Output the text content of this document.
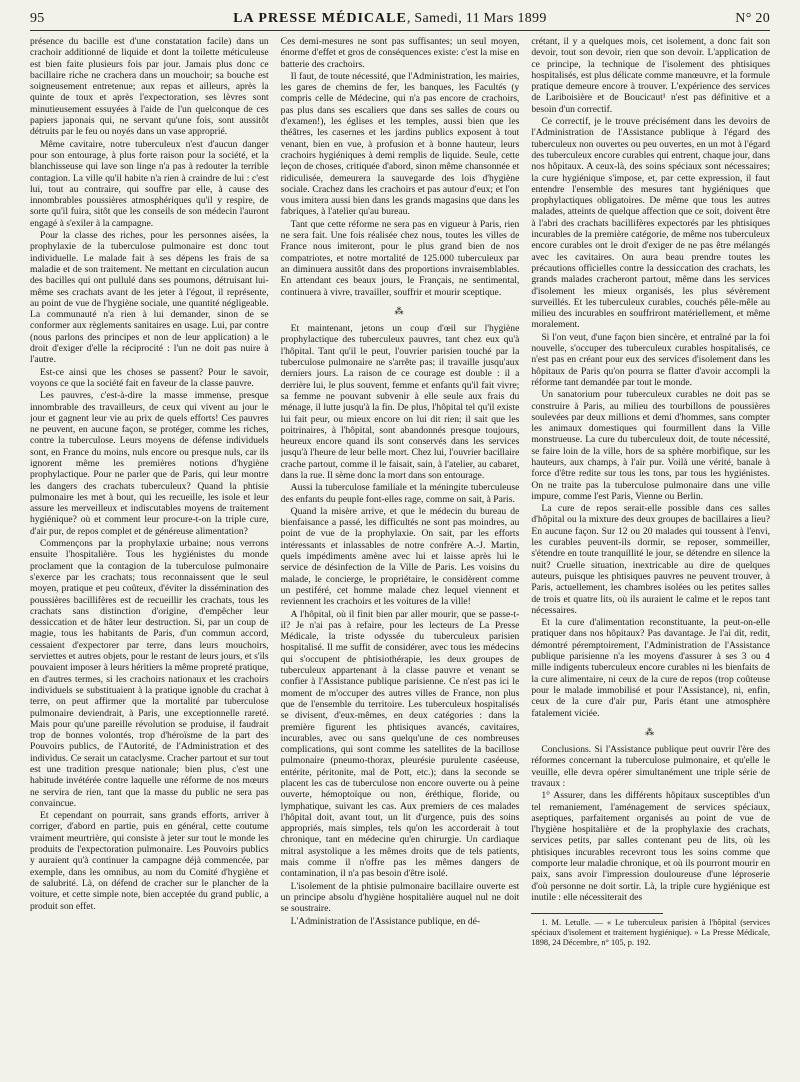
95	LA PRESSE MÉDICALE, Samedi, 11 Mars 1899	N° 20

présence du bacille est d'une constatation facile) dans un crachoir additionné de liquide et dont la toilette méticuleuse est bien faite plusieurs fois par jour. Jamais plus donc ce bacillaire riche ne crachera dans un mouchoir; sa bouche est soigneusement entretenue; aux repas et ailleurs, après la quinte de toux et après l'expectoration, ses lèvres sont minutieusement essuyées à l'aide de l'un quelconque de ces papiers japonais qui, ne servant qu'une fois, sont aussitôt détruits par le feu ou noyés dans un vase approprié.

Même cavitaire, notre tuberculeux n'est d'aucun danger pour son entourage, à plus forte raison pour la société, et la blanchisseuse qui lave son linge n'a pas à redouter la terrible contagion. La ville qu'il habite n'a rien à craindre de lui : c'est lui, tout au contraire, qui souffre par elle, à cause des innombrables poussières atmosphériques qu'il y respire, de sorte qu'il fuira, sitôt que les conseils de son médecin l'auront engagé à s'exiler à la campagne.

Pour la classe des riches, pour les personnes aisées, la prophylaxie de la tuberculose pulmonaire est donc tout individuelle. Le malade fait à ses dépens les frais de sa maladie et de son traitement. Ne mettant en circulation aucun des bacilles qui ont pullulé dans ses poumons, détruisant lui-même ses crachats avant de les jeter à l'égout, il représente, au point de vue de l'hygiène sociale, une quantité négligeable. La communauté n'a rien à lui demander, sinon de se conformer aux règlements sanitaires en usage. Lui, par contre (nous parlons des principes et non de leur application) a le droit d'exiger d'elle la réciprocité : l'un ne doit pas nuire à l'autre.

Est-ce ainsi que les choses se passent? Pour le savoir, voyons ce que la société fait en faveur de la classe pauvre.

Les pauvres, c'est-à-dire la masse immense, presque innombrable des travailleurs, de ceux qui vivent au jour le jour et gagnent leur vie au prix de quels efforts! Ces pauvres ne peuvent, en aucune façon, se protéger, comme les riches, contre la tuberculose. Leurs moyens de défense individuels sont, en France du moins, nuls encore ou presque nuls, car ils ignorent même les premières notions d'hygiène prophylactique. Pour ne parler que de Paris, qui leur montre les dangers des crachats tuberculeux? Quand la phtisie pulmonaire les met à bout, qui les recueille, les isole et leur assure les merveilleux et indiscutables moyens de traitement hygiénique? où et comment leur procure-t-on la triple cure, d'air pur, de repos complet et de généreuse alimentation?

Commençons par la prophylaxie urbaine; nous verrons ensuite l'hospitalière. Tous les hygiénistes du monde proclament que la contagion de la tuberculose pulmonaire s'exerce par les crachats; tous reconnaissent que le seul moyen, pratique et peu coûteux, d'éviter la dissémination des poussières bacillifères est de recueillir les crachats, tous les crachats sans distinction d'origine, d'empêcher leur dessiccation et de hâter leur destruction. Si, par un coup de magie, tous les habitants de Paris, d'un commun accord, cessaient d'expectorer par terre, dans leurs mouchoirs, serviettes et autres objets, pour le restant de leurs jours, et s'ils pouvaient imposer à leurs héritiers la même propreté pratique, en d'autres termes, si les crachoirs nationaux et les crachoirs individuels se substituaient à la pratique ignoble du crachat à terre, on peut affirmer que la mortalité par tuberculose pulmonaire deviendrait, à Paris, une exceptionnelle rareté. Mais pour qu'une pareille révolution se produise, il faudrait trop de bonnes volontés, trop d'héroïsme de la part des Pouvoirs publics, de l'Autorité, de l'Administration et des individus. Ce serait un cataclysme. Cracher partout et sur tout est une tradition presque nationale; bien plus, c'est une habitude invétérée contre laquelle une réforme de nos mœurs ne servira de rien, tant que la masse du public ne sera pas convaincue.

Et cependant on pourrait, sans grands efforts, arriver à corriger, d'abord en partie, puis en général, cette coutume vraiment meurtrière, qui consiste à jeter sur tout le monde les produits de l'expectoration pulmonaire. Les Pouvoirs publics y auraient qu'à continuer la campagne déjà commencée, par exemple, dans les omnibus, au nom du Comité d'hygiène et de salubrité. Là, on défend de cracher sur le plancher de la voiture, et cette simple note, bien acceptée du grand public, a produit son effet.

Ces demi-mesures ne sont pas suffisantes; un seul moyen, énorme d'effet et gros de conséquences existe: c'est la mise en batterie des crachoirs.

Il faut, de toute nécessité, que l'Administration, les mairies, les gares de chemins de fer, les banques, les Facultés (y compris celle de Médecine, qui n'a pas encore de crachoirs, pas plus dans ses escaliers que dans ses salles de cours ou d'examen!), les églises et les temples, aussi bien que les théâtres, les casernes et les jardins publics exposent à tout venant, bien en vue, à profusion et à bonne hauteur, leurs crachoirs hygiéniques à demi remplis de liquide. Seule, cette leçon de choses, critiquée d'abord, sinon même chansonnée et ridiculisée, demeurera la sauvegarde des lois d'hygiène sociale. Crachez dans les crachoirs et pas autour d'eux; et l'on vous imitera aussi bien dans les grands magasins que dans les fabriques, à l'atelier qu'au bureau.

Tant que cette réforme ne sera pas en vigueur à Paris, rien ne sera fait. Une fois réalisée chez nous, toutes les villes de France nous imiteront, pour le plus grand bien de nos compatriotes, et notre mortalité de 125.000 tuberculeux par an diminuera aussitôt dans des proportions invraisemblables. En attendant ces beaux jours, le Français, ne sentimental, continuera à vivre, travailler, souffrir et mourir sceptique.

⁂

Et maintenant, jetons un coup d'œil sur l'hygiène prophylactique des tuberculeux pauvres, tant chez eux qu'à l'hôpital. Tant qu'il le peut, l'ouvrier parisien touché par la tuberculose pulmonaire ne s'arrête pas; il travaille jusqu'aux derniers jours. La raison de ce courage est double : il a derrière lui, le plus souvent, femme et enfants qu'il fait vivre; sa femme ne pouvant subvenir à elle seule aux frais du ménage, il lutte jusqu'à la fin. De plus, l'hôpital tel qu'il existe lui fait peur, ou mieux encore on lui dit rien; il sait que les poitrinaires, à l'hôpital, sont abandonnés presque toujours, heureux encore quand ils sont conservés dans les services jusqu'à l'heure de leur belle mort. Chez lui, l'ouvrier bacillaire crache partout, comme il le faisait, sain, à l'atelier, au cabaret, dans la rue. Il sème donc la mort dans son entourage.

Aussi la tuberculose familiale et la méningite tuberculeuse des enfants du peuple font-elles rage, comme on sait, à Paris.

Quand la misère arrive, et que le médecin du bureau de bienfaisance a passé, les difficultés ne sont pas moindres, au point de vue de la prophylaxie. On sait, par les efforts intéressants et inlassables de notre confrère A.-J. Martin, quels impédiments amène avec lui et laisse après lui le service de désinfection de la Ville de Paris. Les voisins du malade, le concierge, le propriétaire, le considèrent comme un pestiféré, cet homme malade chez lequel viennent et reviennent les crachoirs et les voitures de la ville!

A l'hôpital, où il finit bien par aller mourir, que se passe-t-il? Je n'ai pas à refaire, pour les lecteurs de La Presse Médicale, la triste odyssée du tuberculeux parisien hospitalisé. Il me suffit de considérer, avec tous les médecins qui s'occupent de phtisiothérapie, les deux groupes de tuberculeux appartenant à la classe pauvre et venant se confier à l'Assistance publique parisienne. Ce n'est pas ici le moment de m'occuper des autres villes de France, non plus que de l'ensemble du territoire. Les tuberculeux hospitalisés se divisent, d'eux-mêmes, en deux catégories : dans la première figurent les phtisiques avancés, cavitaires, incurables, avec ou sans quelqu'une de ces nombreuses complications, qui sont comme les satellites de la bacillose pulmonaire (pneumo-thorax, pleurésie purulente caséeuse, entérite, péritonite, mal de Pott, etc.); dans la seconde se placent les cas de tuberculose non encore ouverte ou à peine ouverte, hémoptoïque ou non, éréthique, floride, ou lymphatique, suivant les cas. Aux premiers de ces malades l'hôpital doit, avant tout, un lit d'urgence, puis des soins appropriés, mais simples, tels qu'on les accorderait à tout chronique, tant en médecine qu'en chirurgie. Un cardiaque mitral asystolique a les mêmes droits que de tels patients, mais comme il n'offre pas les mêmes dangers de contamination, il n'a pas besoin d'être isolé.

L'isolement de la phtisie pulmonaire bacillaire ouverte est un principe absolu d'hygiène hospitalière auquel nul ne doit se soustraire.

L'Administration de l'Assistance publique, en dé-

crétant, il y a quelques mois, cet isolement, a donc fait son devoir, tout son devoir, rien que son devoir. L'application de ce principe, la technique de l'isolement des phtisiques hospitalisés, est plus délicate comme manœuvre, et la formule pratique demeure encore à trouver. L'expérience des services de Lariboisière et de Boucicaut¹ n'est pas définitive et a besoin d'un correctif.

Ce correctif, je le trouve précisément dans les devoirs de l'Administration de l'Assistance publique à l'égard des tuberculeux non ouvertes ou peu ouvertes, en un mot à l'égard des tuberculeux encore curables qui entrent, chaque jour, dans nos hôpitaux. A ceux-là, des soins spéciaux sont nécessaires; la cure hygiénique s'impose, et, par cette expression, il faut entendre l'ensemble des mesures tant hygiéniques que prophylactiques obligatoires. De même que tous les autres malades, atteints de quelque affection que ce soit, doivent être à l'abri des crachats bacillifères expectorés par les phtisiques incurables de la première catégorie, de même nos tuberculeux encore curables ont le droit d'exiger de ne pas être mélangés avec les cavitaires. On aura beau prendre toutes les précautions officielles contre la dessiccation des crachats, les grands malades cracheront partout, même dans les services d'isolement les mieux organisés, les plus sévèrement surveillés. Et les tuberculeux curables, couchés pêle-mêle au milieu des incurables en souffriront matériellement, et même moralement.

Si l'on veut, d'une façon bien sincère, et entraîné par la foi nouvelle, s'occuper des tuberculeux curables hospitalisés, ce n'est pas en créant pour eux des services d'isolement dans les hôpitaux de Paris qu'on pourra se flatter d'avoir accompli la réforme tant demandée par tout le monde.

Un sanatorium pour tuberculeux curables ne doit pas se construire à Paris, au milieu des tourbillons de poussières soulevées par deux millions et demi d'hommes, sans compter les animaux domestiques qui fourmillent dans la Ville monstrueuse. La cure du tuberculeux doit, de toute nécessité, se faire loin de la ville, hors de sa sphère morbifique, sur les hauteurs, aux champs, à l'air pur. Voilà une vérité, banale à force d'être redite sur tous les tons, par tous les hygiénistes. On ne traite pas la tuberculose pulmonaire dans une ville impure, comme l'est Paris, Vienne ou Berlin.

La cure de repos serait-elle possible dans ces salles d'hôpital ou la mixture des deux groupes de bacillaires a lieu? En aucune façon. Sur 12 ou 20 malades qui toussent à l'envi, les curables peuvent-ils dormir, se reposer, sommeiller, s'étendre en toute tranquillité le jour, se détendre en silence la nuit? Cruelle situation, inextricable au dire de quelques auteurs, puisque les phtisiques pauvres ne peuvent trouver, à Paris, actuellement, les chambres isolées ou les petites salles de trois et quatre lits, où ils auraient le calme et le repos tant nécessaires.

Et la cure d'alimentation reconstituante, la peut-on-elle pratiquer dans nos hôpitaux? Pas davantage. Je l'ai dit, redit, démontré péremptoirement, l'Administration de l'Assistance publique parisienne n'a les moyens d'assurer à ses 3 ou 4 mille indigents tuberculeux encore curables ni les bienfaits de la cure alimentaire, ni ceux de la cure de repos (trop coûteuse pour le malade immobilisé et pour l'Assistance), ni, enfin, ceux de la cure d'air pur, Paris étant une atmosphère fatalement viciée.

⁂

Conclusions. Si l'Assistance publique peut ouvrir l'ère des réformes concernant la tuberculose pulmonaire, et qu'elle le veuille, elle devra opérer simultanément une triple série de travaux :

1° Assurer, dans les différents hôpitaux susceptibles d'un tel remaniement, l'aménagement de services spéciaux, aseptiques, parfaitement organisés au point de vue de l'hygiène hospitalière et de la prophylaxie des crachats, services petits, par salles contenant peu de lits, où les phtisiques incurables recevront tous les soins comme que comporte leur maladie chronique, et où ils pourront mourir en paix, sans avoir l'impression douloureuse d'une léproserie d'où personne ne doit sortir. Là, la triple cure hygiénique est inutile : elle nécessiterait des

1. M. Letulle. — « Le tuberculeux parisien à l'hôpital (services spéciaux d'isolement et traitement hygiénique). » La Presse Médicale, 1898, 24 Décembre, n° 105, p. 192.
